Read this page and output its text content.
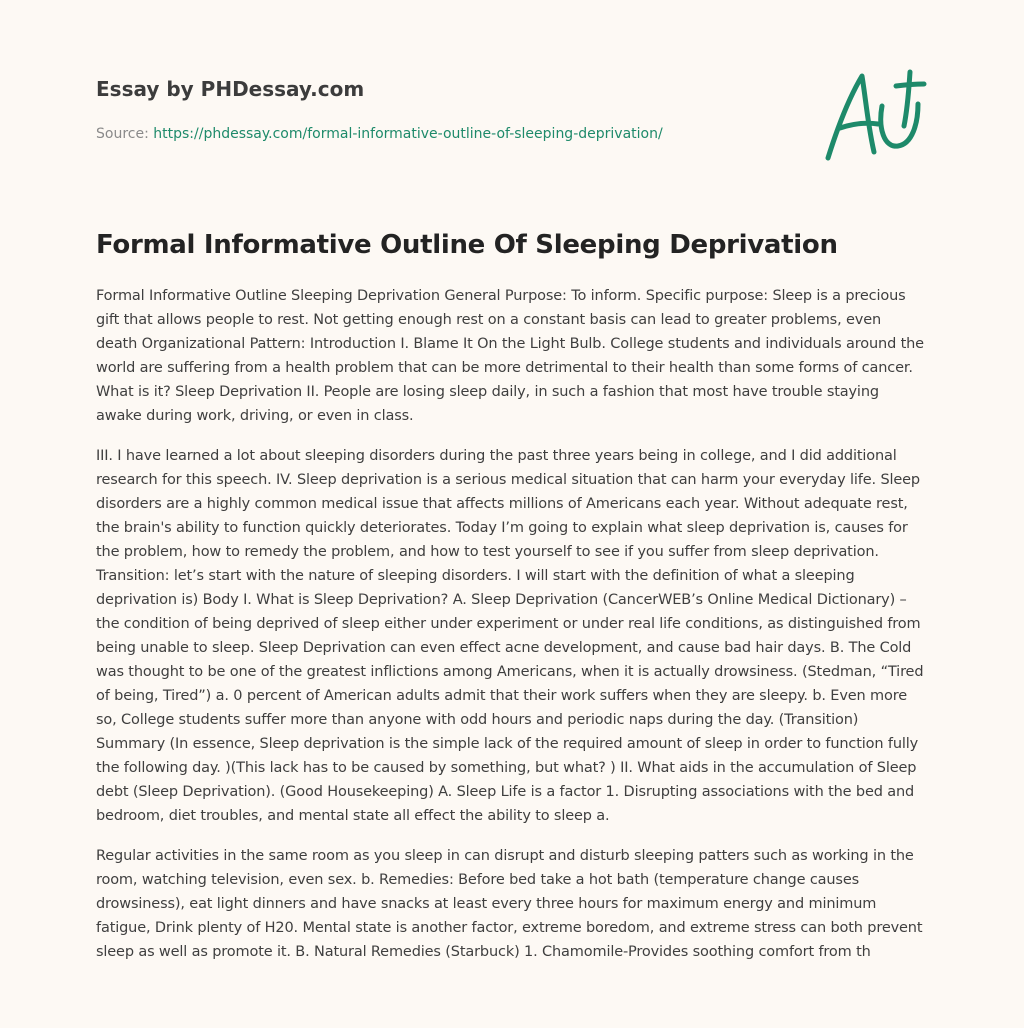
Essay by PHDessay.com
Source: https://phdessay.com/formal-informative-outline-of-sleeping-deprivation/
Formal Informative Outline Of Sleeping Deprivation

Formal Informative Outline Sleeping Deprivation General Purpose: To inform. Specific purpose: Sleep is a precious gift that allows people to rest. Not getting enough rest on a constant basis can lead to greater problems, even death Organizational Pattern: Introduction I. Blame It On the Light Bulb. College students and individuals around the world are suffering from a health problem that can be more detrimental to their health than some forms of cancer. What is it? Sleep Deprivation II. People are losing sleep daily, in such a fashion that most have trouble staying awake during work, driving, or even in class.

III. I have learned a lot about sleeping disorders during the past three years being in college, and I did additional research for this speech. IV. Sleep deprivation is a serious medical situation that can harm your everyday life. Sleep disorders are a highly common medical issue that affects millions of Americans each year. Without adequate rest, the brain's ability to function quickly deteriorates. Today I’m going to explain what sleep deprivation is, causes for the problem, how to remedy the problem, and how to test yourself to see if you suffer from sleep deprivation. Transition: let’s start with the nature of sleeping disorders. I will start with the definition of what a sleeping deprivation is) Body I. What is Sleep Deprivation? A. Sleep Deprivation (CancerWEB’s Online Medical Dictionary) – the condition of being deprived of sleep either under experiment or under real life conditions, as distinguished from being unable to sleep. Sleep Deprivation can even effect acne development, and cause bad hair days. B. The Cold was thought to be one of the greatest inflictions among Americans, when it is actually drowsiness. (Stedman, “Tired of being, Tired”) a. 0 percent of American adults admit that their work suffers when they are sleepy. b. Even more so, College students suffer more than anyone with odd hours and periodic naps during the day. (Transition) Summary (In essence, Sleep deprivation is the simple lack of the required amount of sleep in order to function fully the following day. )(This lack has to be caused by something, but what? ) II. What aids in the accumulation of Sleep debt (Sleep Deprivation). (Good Housekeeping) A. Sleep Life is a factor 1. Disrupting associations with the bed and bedroom, diet troubles, and mental state all effect the ability to sleep a.

Regular activities in the same room as you sleep in can disrupt and disturb sleeping patters such as working in the room, watching television, even sex. b. Remedies: Before bed take a hot bath (temperature change causes drowsiness), eat light dinners and have snacks at least every three hours for maximum energy and minimum fatigue, Drink plenty of H20. Mental state is another factor, extreme boredom, and extreme stress can both prevent sleep as well as promote it. B. Natural Remedies (Starbuck) 1. Chamomile-Provides soothing comfort from th
